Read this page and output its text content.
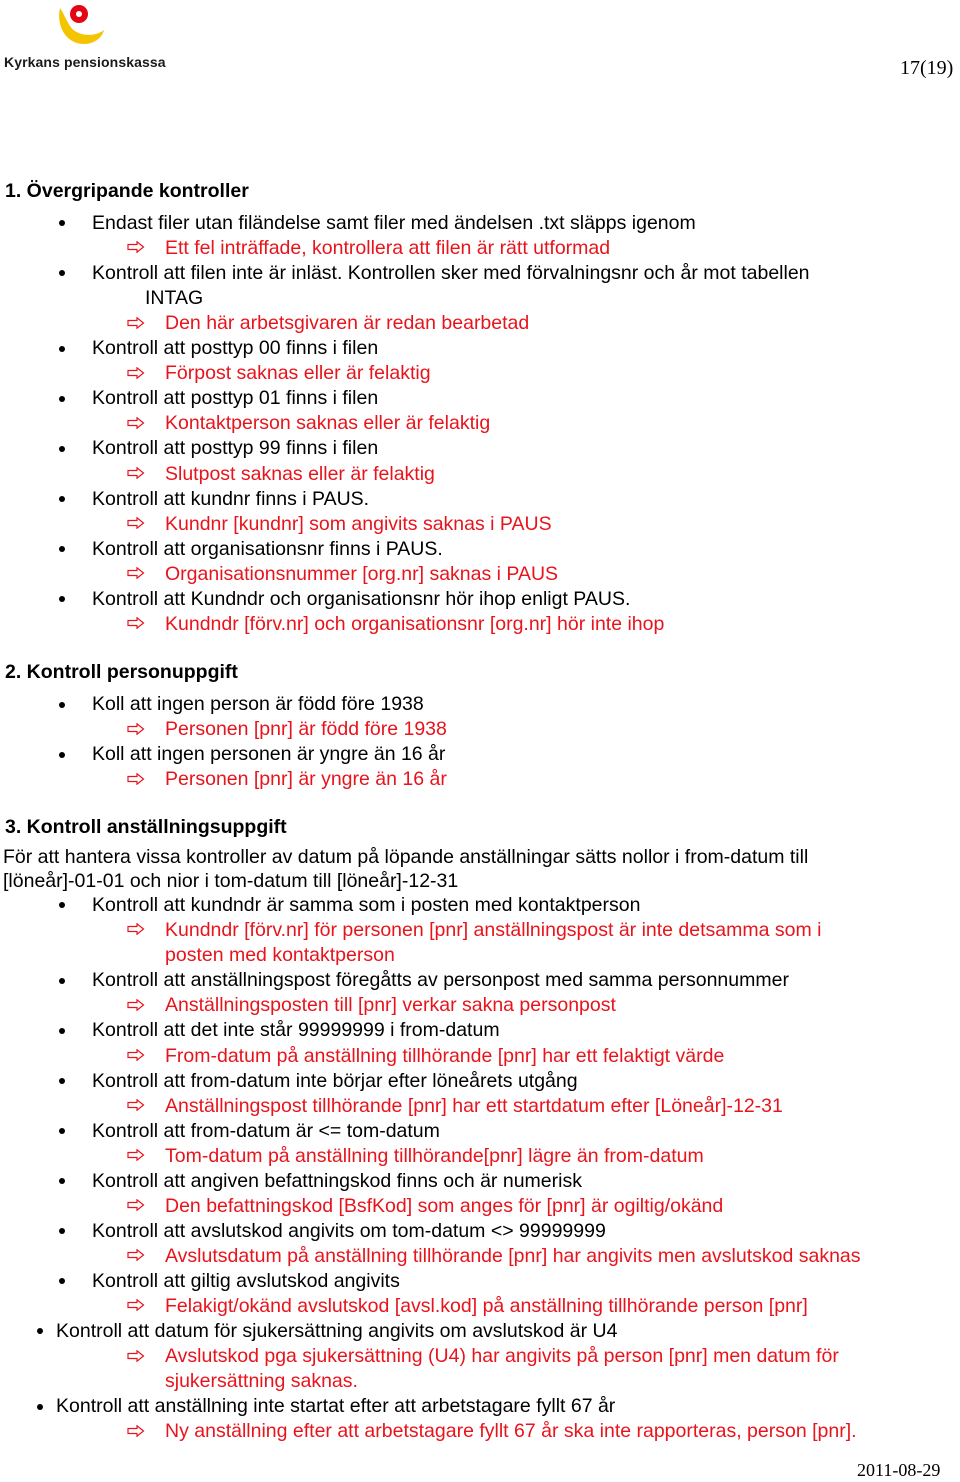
Kyrkans pensionskassa	17(19)
1. Övergripande kontroller
Endast filer utan filändelse samt filer med ändelsen .txt släpps igenom
Ett fel inträffade, kontrollera att filen är rätt utformad
Kontroll att filen inte är inläst. Kontrollen sker med förvalningsnr och år mot tabellen
INTAG
Den här arbetsgivaren är redan bearbetad
Kontroll att posttyp 00 finns i filen
Förpost saknas eller är felaktig
Kontroll att posttyp 01 finns i filen
Kontaktperson saknas eller är felaktig
Kontroll att posttyp 99 finns i filen
Slutpost saknas eller är felaktig
Kontroll att kundnr finns i PAUS.
Kundnr [kundnr] som angivits saknas i PAUS
Kontroll att organisationsnr finns i PAUS.
Organisationsnummer [org.nr] saknas i PAUS
Kontroll att Kundndr och organisationsnr hör ihop enligt PAUS.
Kundndr [förv.nr] och organisationsnr [org.nr] hör inte ihop
2. Kontroll personuppgift
Koll att ingen person är född före 1938
Personen [pnr] är född före 1938
Koll att ingen personen är yngre än 16 år
Personen [pnr] är yngre än 16 år
3. Kontroll anställningsuppgift
För att hantera vissa kontroller av datum på löpande anställningar sätts nollor i from-datum till
[löneår]-01-01 och nior i tom-datum till [löneår]-12-31
Kontroll att kundndr är samma som i posten med kontaktperson
Kundndr [förv.nr] för personen [pnr] anställningspost är inte detsamma som i
posten med kontaktperson
Kontroll att anställningspost föregåtts av personpost med samma personnummer
Anställningsposten till [pnr] verkar sakna personpost
Kontroll att det inte står 99999999 i from-datum
From-datum på anställning tillhörande [pnr] har ett felaktigt värde
Kontroll att from-datum inte börjar efter löneårets utgång
Anställningspost tillhörande [pnr] har ett startdatum efter [Löneår]-12-31
Kontroll att from-datum är <= tom-datum
Tom-datum på anställning tillhörande[pnr] lägre än from-datum
Kontroll att angiven befattningskod finns och är numerisk
Den befattningskod [BsfKod] som anges för [pnr] är ogiltig/okänd
Kontroll att avslutskod angivits om tom-datum <> 99999999
Avslutsdatum på anställning tillhörande [pnr] har angivits men avslutskod saknas
Kontroll att giltig avslutskod angivits
Felakigt/okänd avslutskod [avsl.kod] på anställning tillhörande person [pnr]
Kontroll att datum för sjukersättning angivits om avslutskod är U4
Avslutskod pga sjukersättning (U4) har angivits på person [pnr] men datum för
sjukersättning saknas.
Kontroll att anställning inte startat efter att arbetstagare fyllt 67 år
Ny anställning efter att arbetstagare fyllt 67 år ska inte rapporteras, person [pnr].
2011-08-29
